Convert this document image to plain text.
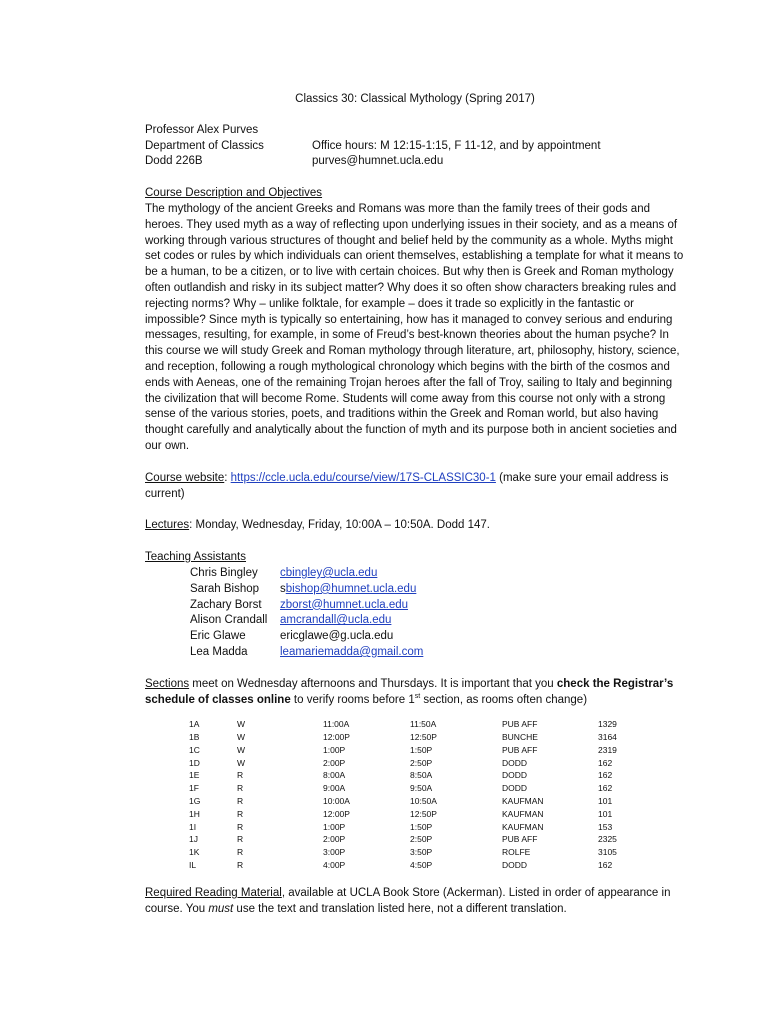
Classics 30: Classical Mythology (Spring 2017)
Professor Alex Purves
Department of Classics	Office hours: M 12:15-1:15, F 11-12, and by appointment
Dodd 226B	purves@humnet.ucla.edu
Course Description and Objectives
The mythology of the ancient Greeks and Romans was more than the family trees of their gods and heroes. They used myth as a way of reflecting upon underlying issues in their society, and as a means of working through various structures of thought and belief held by the community as a whole. Myths might set codes or rules by which individuals can orient themselves, establishing a template for what it means to be a human, to be a citizen, or to live with certain choices. But why then is Greek and Roman mythology often outlandish and risky in its subject matter? Why does it so often show characters breaking rules and rejecting norms? Why – unlike folktale, for example – does it trade so explicitly in the fantastic or impossible? Since myth is typically so entertaining, how has it managed to convey serious and enduring messages, resulting, for example, in some of Freud’s best-known theories about the human psyche? In this course we will study Greek and Roman mythology through literature, art, philosophy, history, science, and reception, following a rough mythological chronology which begins with the birth of the cosmos and ends with Aeneas, one of the remaining Trojan heroes after the fall of Troy, sailing to Italy and beginning the civilization that will become Rome. Students will come away from this course not only with a strong sense of the various stories, poets, and traditions within the Greek and Roman world, but also having thought carefully and analytically about the function of myth and its purpose both in ancient societies and our own.
Course website: https://ccle.ucla.edu/course/view/17S-CLASSIC30-1 (make sure your email address is current)
Lectures: Monday, Wednesday, Friday, 10:00A – 10:50A. Dodd 147.
Teaching Assistants
Chris Bingley	cbingley@ucla.edu
Sarah Bishop	s bishop@humnet.ucla.edu
Zachary Borst	zborst@humnet.ucla.edu
Alison Crandall	amcrandall@ucla.edu
Eric Glawe	ericglawe@g.ucla.edu
Lea Madda	leamariemadda@gmail.com
Sections meet on Wednesday afternoons and Thursdays. It is important that you check the Registrar’s schedule of classes online to verify rooms before 1st section, as rooms often change)
1A	W	11:00A	11:50A	PUB AFF	1329
1B	W	12:00P	12:50P	BUNCHE	3164
1C	W	1:00P	1:50P	PUB AFF	2319
1D	W	2:00P	2:50P	DODD	162
1E	R	8:00A	8:50A	DODD	162
1F	R	9:00A	9:50A	DODD	162
1G	R	10:00A	10:50A	KAUFMAN	101
1H	R	12:00P	12:50P	KAUFMAN	101
1I	R	1:00P	1:50P	KAUFMAN	153
1J	R	2:00P	2:50P	PUB AFF	2325
1K	R	3:00P	3:50P	ROLFE	3105
IL	R	4:00P	4:50P	DODD	162
Required Reading Material, available at UCLA Book Store (Ackerman). Listed in order of appearance in course. You must use the text and translation listed here, not a different translation.
